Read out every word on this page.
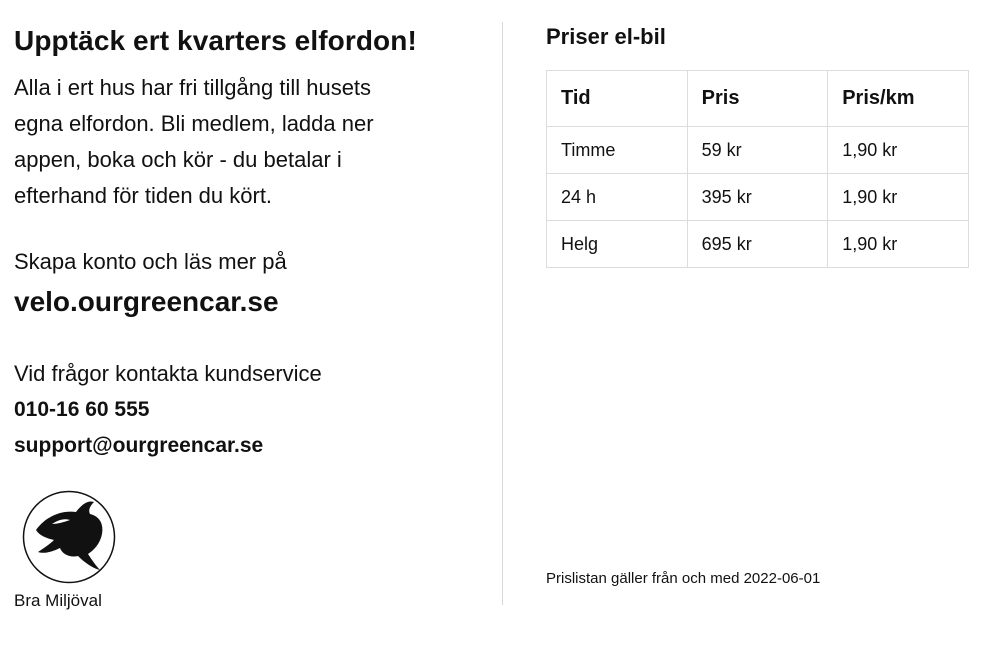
Upptäck ert kvarters elfordon!

Alla i ert hus har fri tillgång till husets
egna elfordon. Bli medlem, ladda ner
appen, boka och kör - du betalar i
efterhand för tiden du kört.

Skapa konto och läs mer på

velo.ourgreencar.se

Vid frågor kontakta kundservice

010-16 60 555

support@ourgreencar.se

Bra Miljöval
Priser el-bil
Tid	Pris	Pris/km
Timme	59 kr	1,90 kr
24 h	395 kr	1,90 kr
Helg	695 kr	1,90 kr
Prislistan gäller från och med 2022-06-01
